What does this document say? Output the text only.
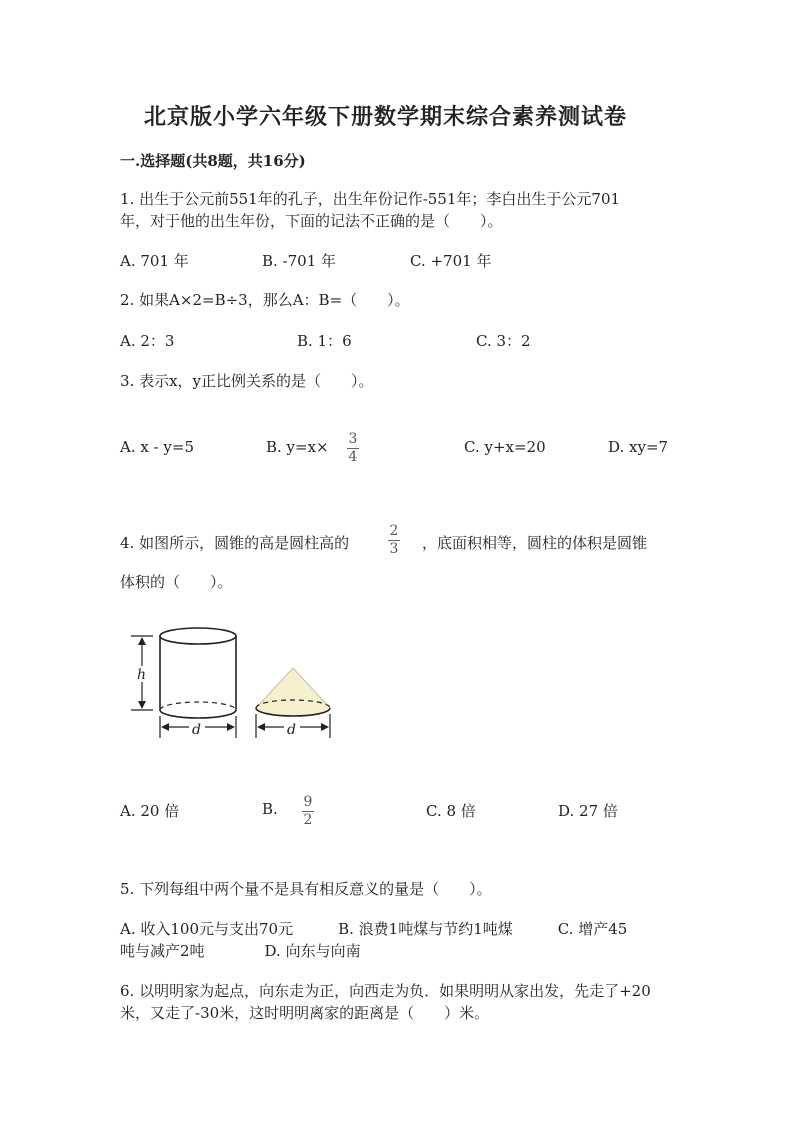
北京版小学六年级下册数学期末综合素养测试卷
一.选择题(共8题，共16分)
1. 出生于公元前551年的孔子，出生年份记作-551年；李白出生于公元701
年，对于他的出生年份，下面的记法不正确的是（　　）。
A. 701 年	B. -701 年	C. +701 年
2. 如果A×2=B÷3，那么A：B=（　　）。
A. 2：3	B. 1：6	C. 3：2
3. 表示x，y正比例关系的是（　　）。
A. x - y=5	B. y=x× 3
4
C. y+x=20	D. xy=7
4. 如图所示，圆锥的高是圆柱高的
2
3 ，底面积相等，圆柱的体积是圆锥
体积的（　　）。
h
d	d
A. 20 倍	B. 9
2	C. 8 倍	D. 27 倍
5. 下列每组中两个量不是具有相反意义的量是（　　）。
A. 收入100元与支出70元　　　B. 浪费1吨煤与节约1吨煤　　　C. 增产45
吨与减产2吨　　　　D. 向东与向南
6. 以明明家为起点，向东走为正，向西走为负．如果明明从家出发，先走了+20
米，又走了-30米，这时明明离家的距离是（　　）米。
